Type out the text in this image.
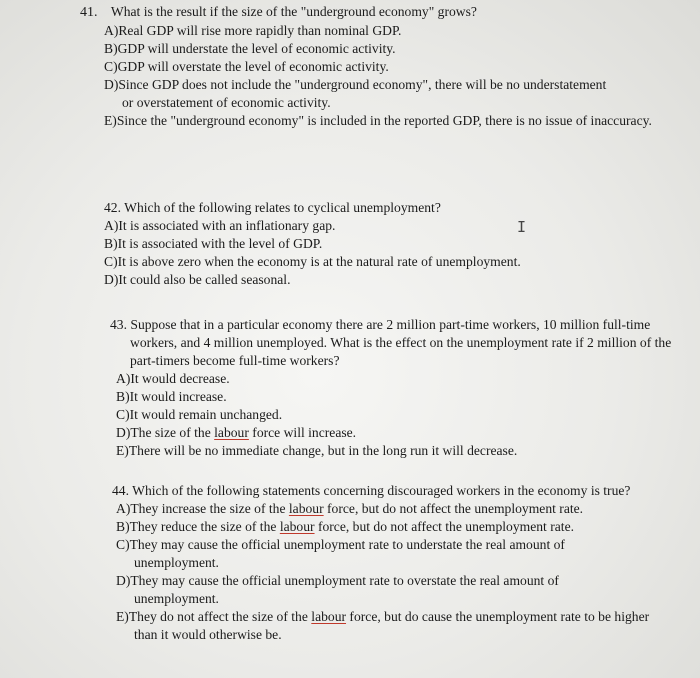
41. What is the result if the size of the "underground economy" grows?

A)Real GDP will rise more rapidly than nominal GDP.

B)GDP will understate the level of economic activity.

C)GDP will overstate the level of economic activity.

D)Since GDP does not include the "underground economy", there will be no understatement or overstatement of economic activity.

E)Since the "underground economy" is included in the reported GDP, there is no issue of inaccuracy.

42. Which of the following relates to cyclical unemployment?

A)It is associated with an inflationary gap.

B)It is associated with the level of GDP.

C)It is above zero when the economy is at the natural rate of unemployment.

D)It could also be called seasonal.

I

43. Suppose that in a particular economy there are 2 million part-time workers, 10 million full-time workers, and 4 million unemployed. What is the effect on the unemployment rate if 2 million of the part-timers become full-time workers?

A)It would decrease.

B)It would increase.

C)It would remain unchanged.

D)The size of the labour force will increase.

E)There will be no immediate change, but in the long run it will decrease.

44. Which of the following statements concerning discouraged workers in the economy is true?

A)They increase the size of the labour force, but do not affect the unemployment rate.

B)They reduce the size of the labour force, but do not affect the unemployment rate.

C)They may cause the official unemployment rate to understate the real amount of unemployment.

D)They may cause the official unemployment rate to overstate the real amount of unemployment.

E)They do not affect the size of the labour force, but do cause the unemployment rate to be higher than it would otherwise be.
